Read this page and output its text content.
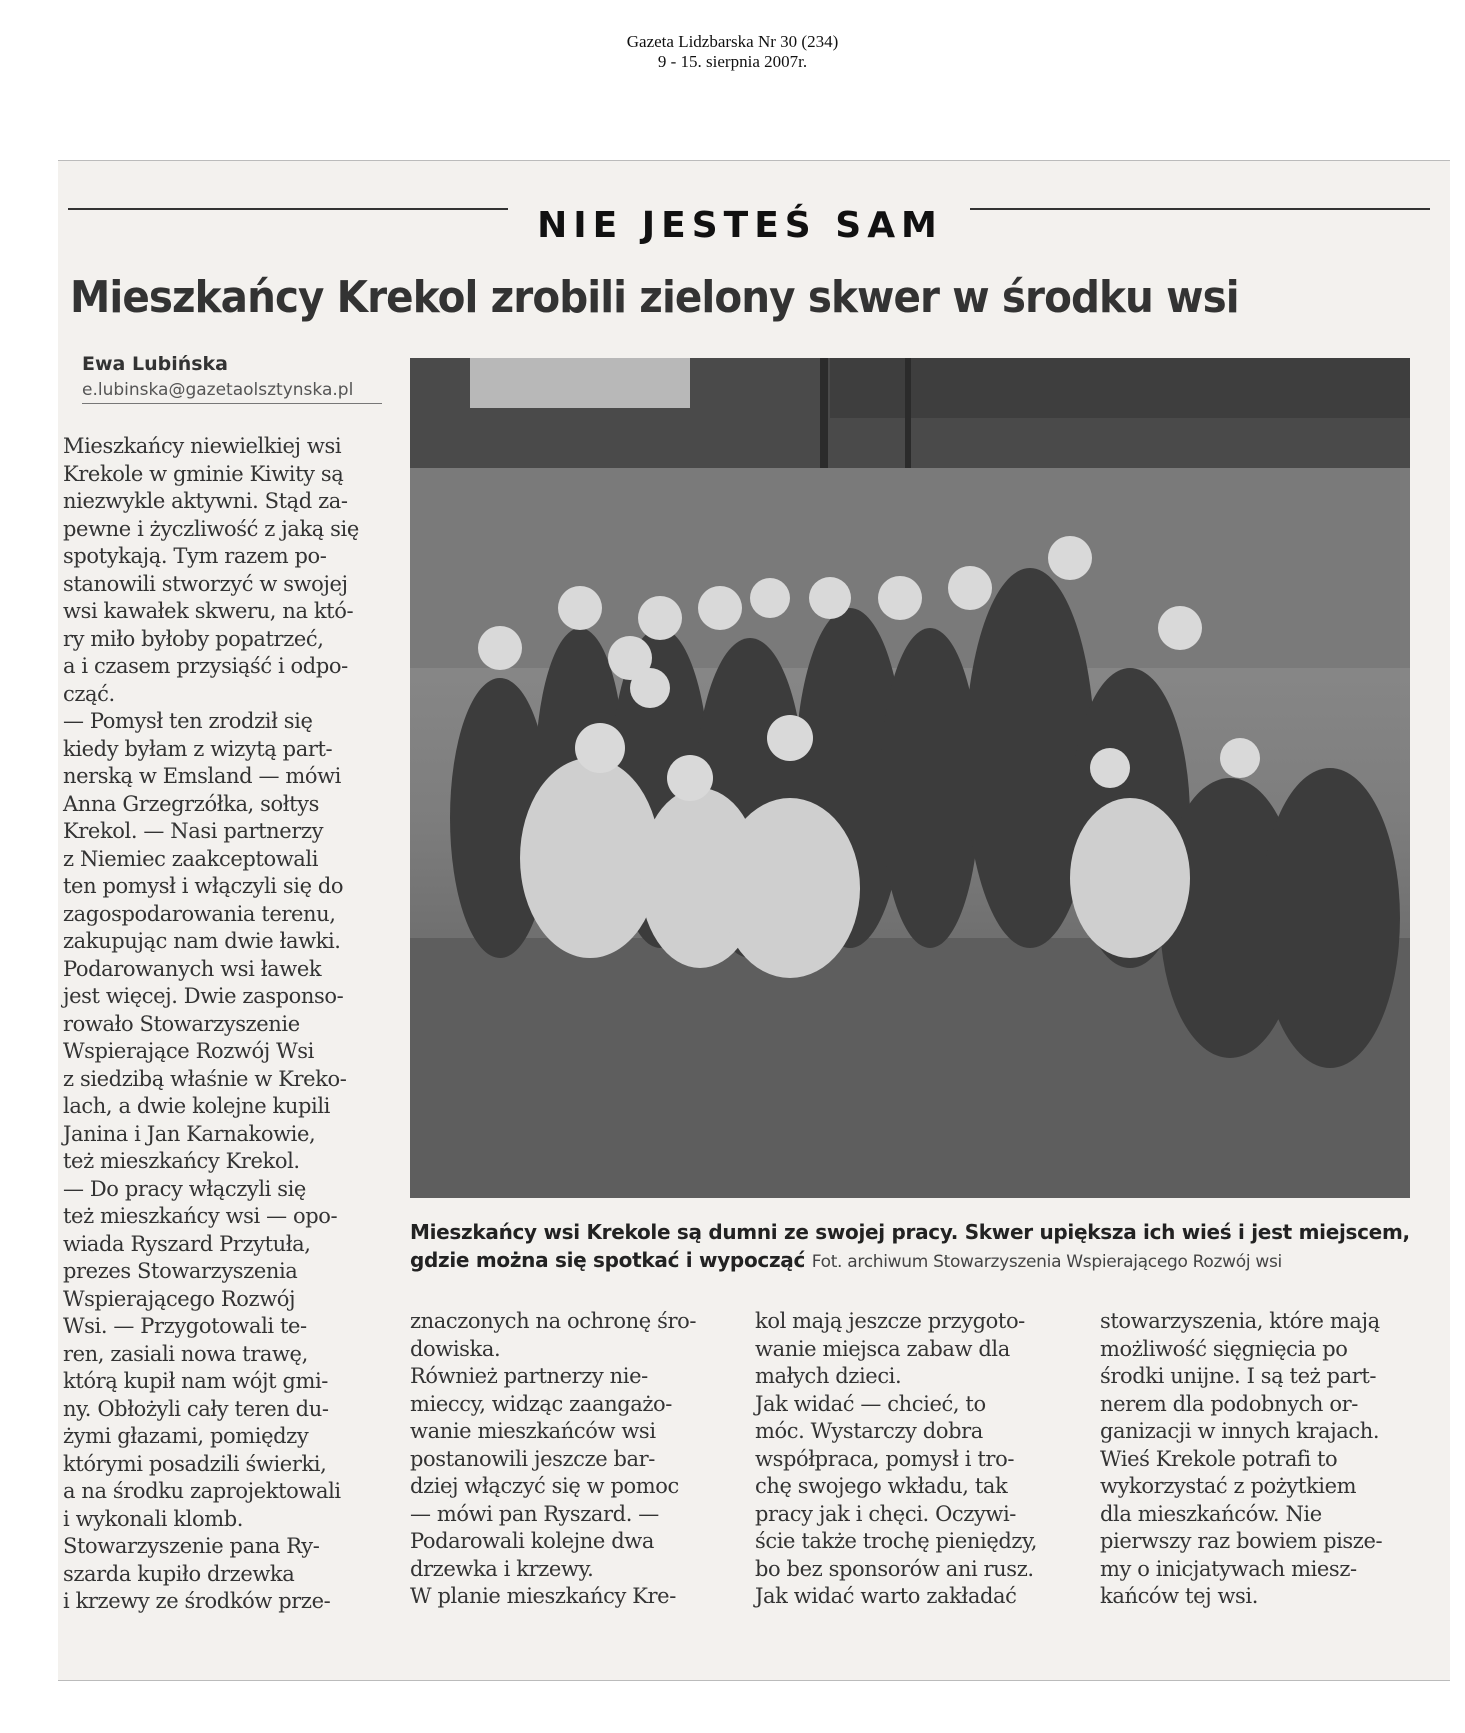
Gazeta Lidzbarska Nr 30 (234)
9 - 15. sierpnia 2007r.
NIE JESTEŚ SAM
Mieszkańcy Krekol zrobili zielony skwer w środku wsi
Ewa Lubińska
e.lubinska@gazetaolsztynska.pl
Mieszkańcy wsi Krekole są dumni ze swojej pracy. Skwer upiększa ich wieś i jest miejscem, gdzie można się spotkać i wypocząć Fot. archiwum Stowarzyszenia Wspierającego Rozwój wsi
Mieszkańcy niewielkiej wsi
Krekole w gminie Kiwity są
niezwykle aktywni. Stąd za-
pewne i życzliwość z jaką się
spotykają. Tym razem po-
stanowili stworzyć w swojej
wsi kawałek skweru, na któ-
ry miło byłoby popatrzeć,
a i czasem przysiąść i odpo-
cząć.
— Pomysł ten zrodził się
kiedy byłam z wizytą part-
nerską w Emsland — mówi
Anna Grzegrzółka, sołtys
Krekol. — Nasi partnerzy
z Niemiec zaakceptowali
ten pomysł i włączyli się do
zagospodarowania terenu,
zakupując nam dwie ławki.
Podarowanych wsi ławek
jest więcej. Dwie zasponso-
rowało Stowarzyszenie
Wspierające Rozwój Wsi
z siedzibą właśnie w Kreko-
lach, a dwie kolejne kupili
Janina i Jan Karnakowie,
też mieszkańcy Krekol.
— Do pracy włączyli się
też mieszkańcy wsi — opo-
wiada Ryszard Przytuła,
prezes Stowarzyszenia
Wspierającego Rozwój
Wsi. — Przygotowali te-
ren, zasiali nowa trawę,
którą kupił nam wójt gmi-
ny. Obłożyli cały teren du-
żymi głazami, pomiędzy
którymi posadzili świerki,
a na środku zaprojektowali
i wykonali klomb.
Stowarzyszenie pana Ry-
szarda kupiło drzewka
i krzewy ze środków prze-
znaczonych na ochronę śro-
dowiska.
Również partnerzy nie-
mieccy, widząc zaangażo-
wanie mieszkańców wsi
postanowili jeszcze bar-
dziej włączyć się w pomoc
— mówi pan Ryszard. —
Podarowali kolejne dwa
drzewka i krzewy.
W planie mieszkańcy Kre-
kol mają jeszcze przygoto-
wanie miejsca zabaw dla
małych dzieci.
Jak widać — chcieć, to
móc. Wystarczy dobra
współpraca, pomysł i tro-
chę swojego wkładu, tak
pracy jak i chęci. Oczywi-
ście także trochę pieniędzy,
bo bez sponsorów ani rusz.
Jak widać warto zakładać
stowarzyszenia, które mają
możliwość sięgnięcia po
środki unijne. I są też part-
nerem dla podobnych or-
ganizacji w innych krajach.
Wieś Krekole potrafi to
wykorzystać z pożytkiem
dla mieszkańców. Nie
pierwszy raz bowiem pisze-
my o inicjatywach miesz-
kańców tej wsi.
